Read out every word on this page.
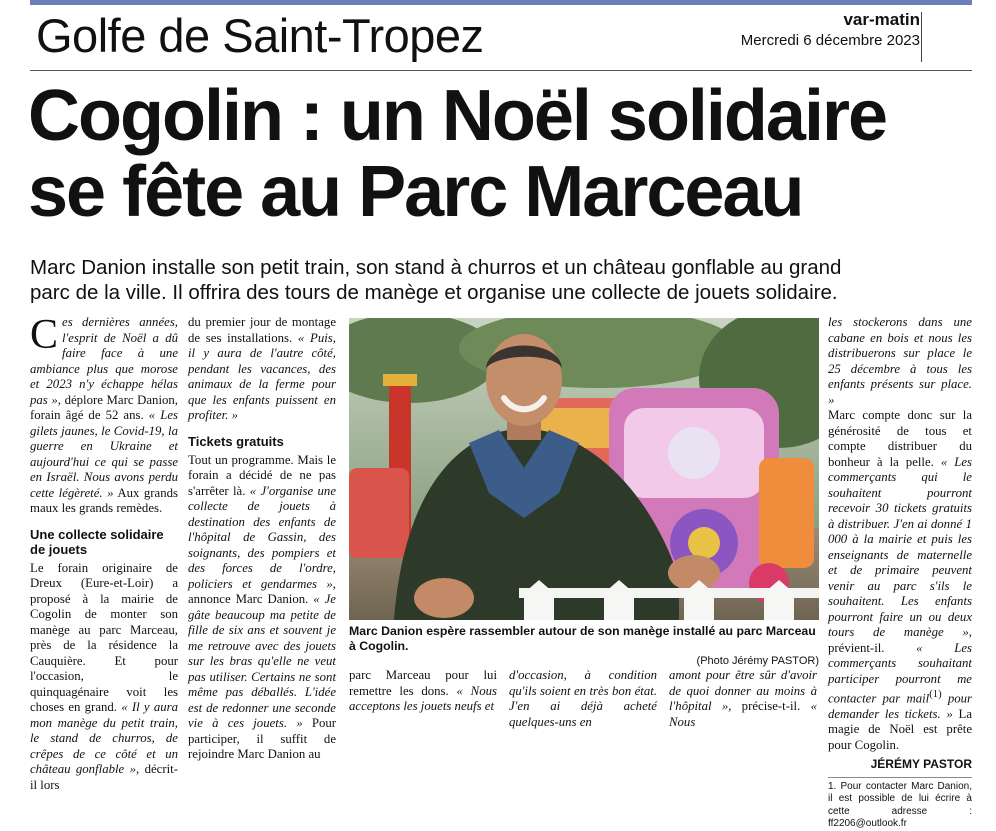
Golfe de Saint-Tropez	var-matin
Mercredi 6 décembre 2023
Cogolin : un Noël solidaire
se fête au Parc Marceau
Marc Danion installe son petit train, son stand à churros et un château gonflable au grand
parc de la ville. Il offrira des tours de manège et organise une collecte de jouets solidaire.

Ces dernières années, l'esprit de Noël a dû faire face à une ambiance plus que morose et 2023 n'y échappe hélas pas », déplore Marc Danion, forain âgé de 52 ans. « Les gilets jaunes, le Covid-19, la guerre en Ukraine et aujourd'hui ce qui se passe en Israël. Nous avons perdu cette légèreté. » Aux grands maux les grands remèdes.

Une collecte solidaire de jouets

Le forain originaire de Dreux (Eure-et-Loir) a proposé à la mairie de Cogolin de monter son manège au parc Marceau, près de la résidence la Cauquière. Et pour l'occasion, le quinquagénaire voit les choses en grand. « Il y aura mon manège du petit train, le stand de churros, de crêpes de ce côté et un château gonflable », décrit-il lors

du premier jour de montage de ses installations. « Puis, il y aura de l'autre côté, pendant les vacances, des animaux de la ferme pour que les enfants puissent en profiter. »

Tickets gratuits

Tout un programme. Mais le forain a décidé de ne pas s'arrêter là. « J'organise une collecte de jouets à destination des enfants de l'hôpital de Gassin, des soignants, des pompiers et des forces de l'ordre, policiers et gendarmes », annonce Marc Danion. « Je gâte beaucoup ma petite de fille de six ans et souvent je me retrouve avec des jouets sur les bras qu'elle ne veut pas utiliser. Certains ne sont même pas déballés. L'idée est de redonner une seconde vie à ces jouets. » Pour participer, il suffit de rejoindre Marc Danion au

Marc Danion espère rassembler autour de son manège installé au parc Marceau à Cogolin.
(Photo Jérémy PASTOR)
parc Marceau pour lui remettre les dons. « Nous acceptons les jouets neufs et
d'occasion, à condition qu'ils soient en très bon état. J'en ai déjà acheté quelques-uns en
amont pour être sûr d'avoir de quoi donner au moins à l'hôpital », précise-t-il. « Nous

les stockerons dans une cabane en bois et nous les distribuerons sur place le 25 décembre à tous les enfants présents sur place. »

Marc compte donc sur la générosité de tous et compte distribuer du bonheur à la pelle. « Les commerçants qui le souhaitent pourront recevoir 30 tickets gratuits à distribuer. J'en ai donné 1 000 à la mairie et puis les enseignants de maternelle et de primaire peuvent venir au parc s'ils le souhaitent. Les enfants pourront faire un ou deux tours de manège », prévient-il. « Les commerçants souhaitant participer pourront me contacter par mail$^{(1)}$ pour demander les tickets. » La magie de Noël est prête pour Cogolin.

JÉRÉMY PASTOR
1. Pour contacter Marc Danion, il est possible de lui écrire à cette adresse : ff2206@outlook.fr
